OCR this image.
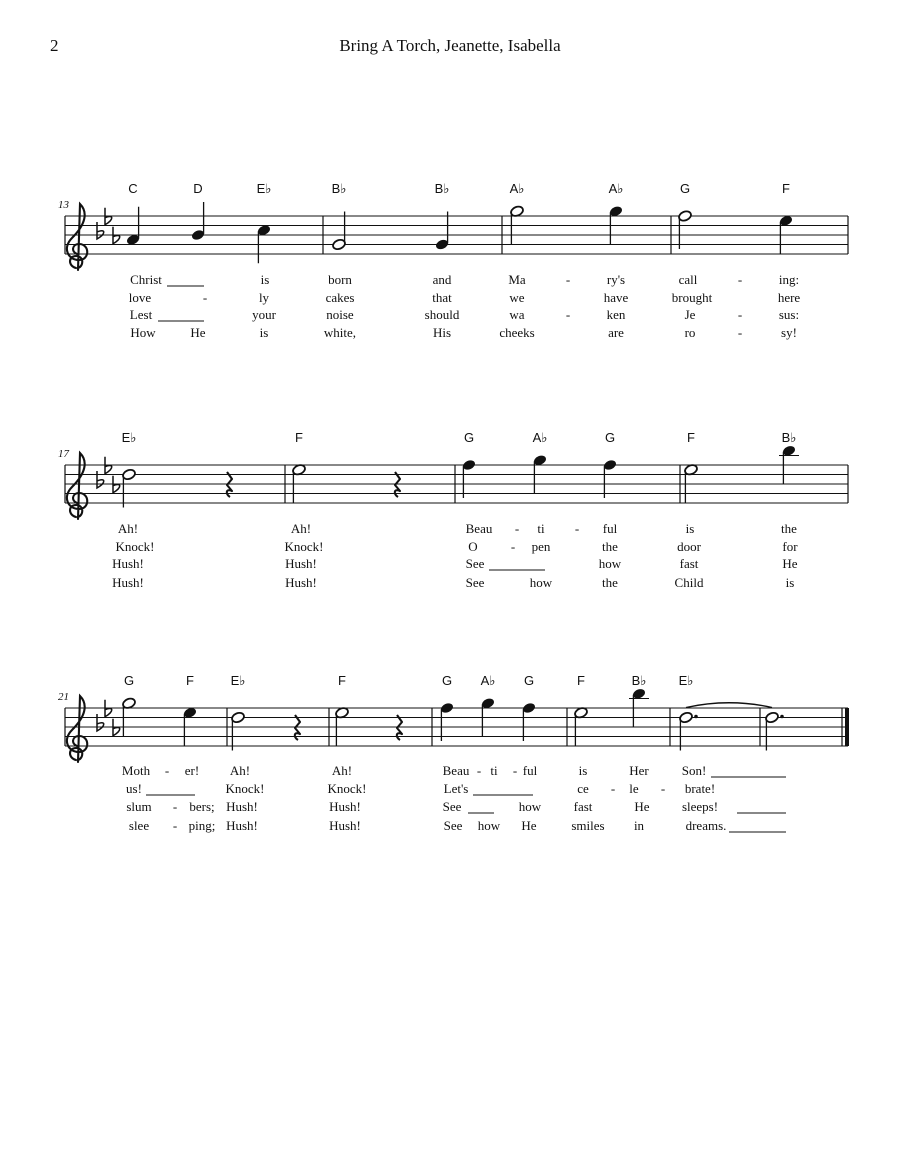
2	Bring A Torch, Jeanette, Isabella
13
C	D	E♭	B♭	B♭	A♭	A♭	G	F
Christ	is	born	and	Ma	-	ry's	call	-	ing:
love	-	ly	cakes	that	we	have	brought	here
Lest	your	noise	should	wa	-	ken	Je	-	sus:
How	He	is	white,	His	cheeks	are	ro	-	sy!
17
E♭	F	G	A♭	G	F	B♭
Ah!	Ah!	Beau - ti - ful	is	the
Knock!	Knock!	O	- pen	the	door	for
Hush!	Hush!	See	how	fast	He
Hush!	Hush!	See	how	the	Child	is
21
G	F	E♭	F	G A♭ G	F	B♭ E♭
Moth - er! Ah!	Ah!	Beau - ti - ful	is	Her	Son!
us!	Knock!	Knock!	Let's	ce - le - brate!
slum - bers; Hush!	Hush!	See	how fast	He sleeps!
slee - ping; Hush!	Hush!	See how He	smiles in	dreams.
